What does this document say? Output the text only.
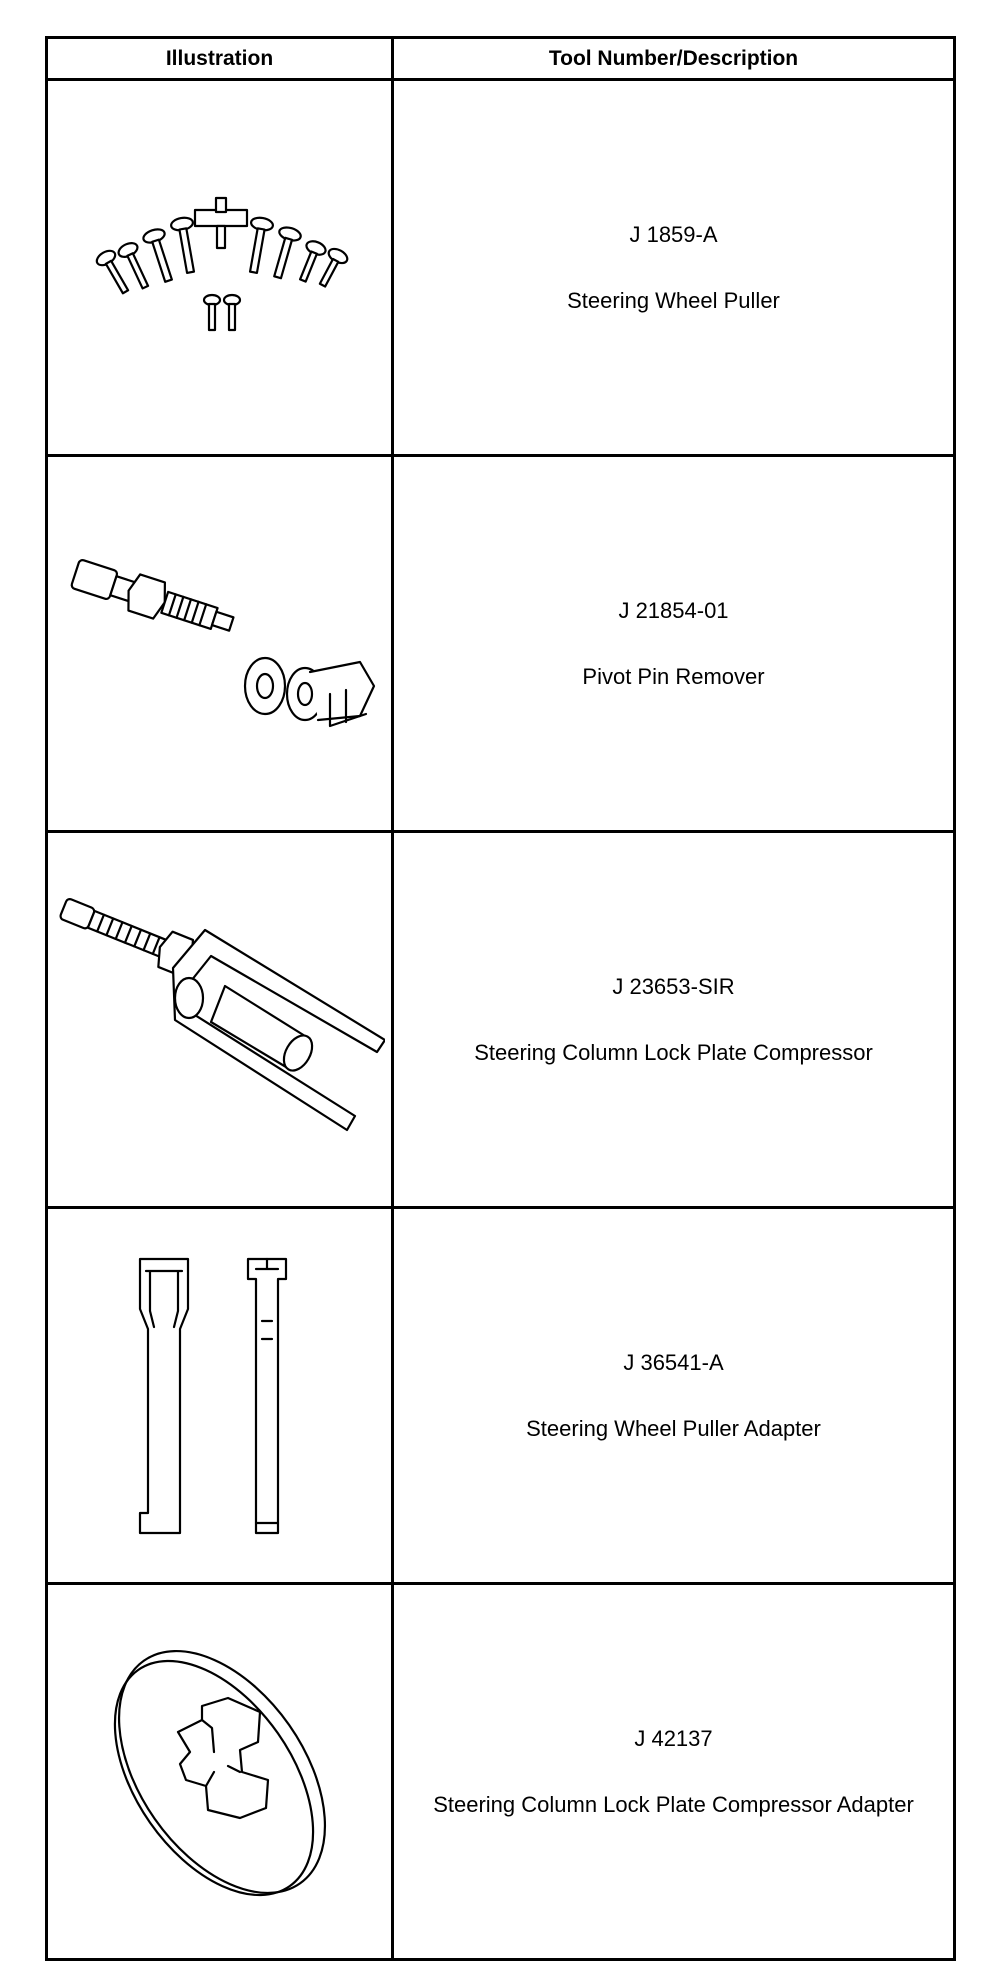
Illustration	Tool Number/Description

J 1859-A
Steering Wheel Puller

J 21854-01
Pivot Pin Remover

J 23653-SIR
Steering Column Lock Plate Compressor

J 36541-A
Steering Wheel Puller Adapter

J 42137
Steering Column Lock Plate Compressor Adapter
